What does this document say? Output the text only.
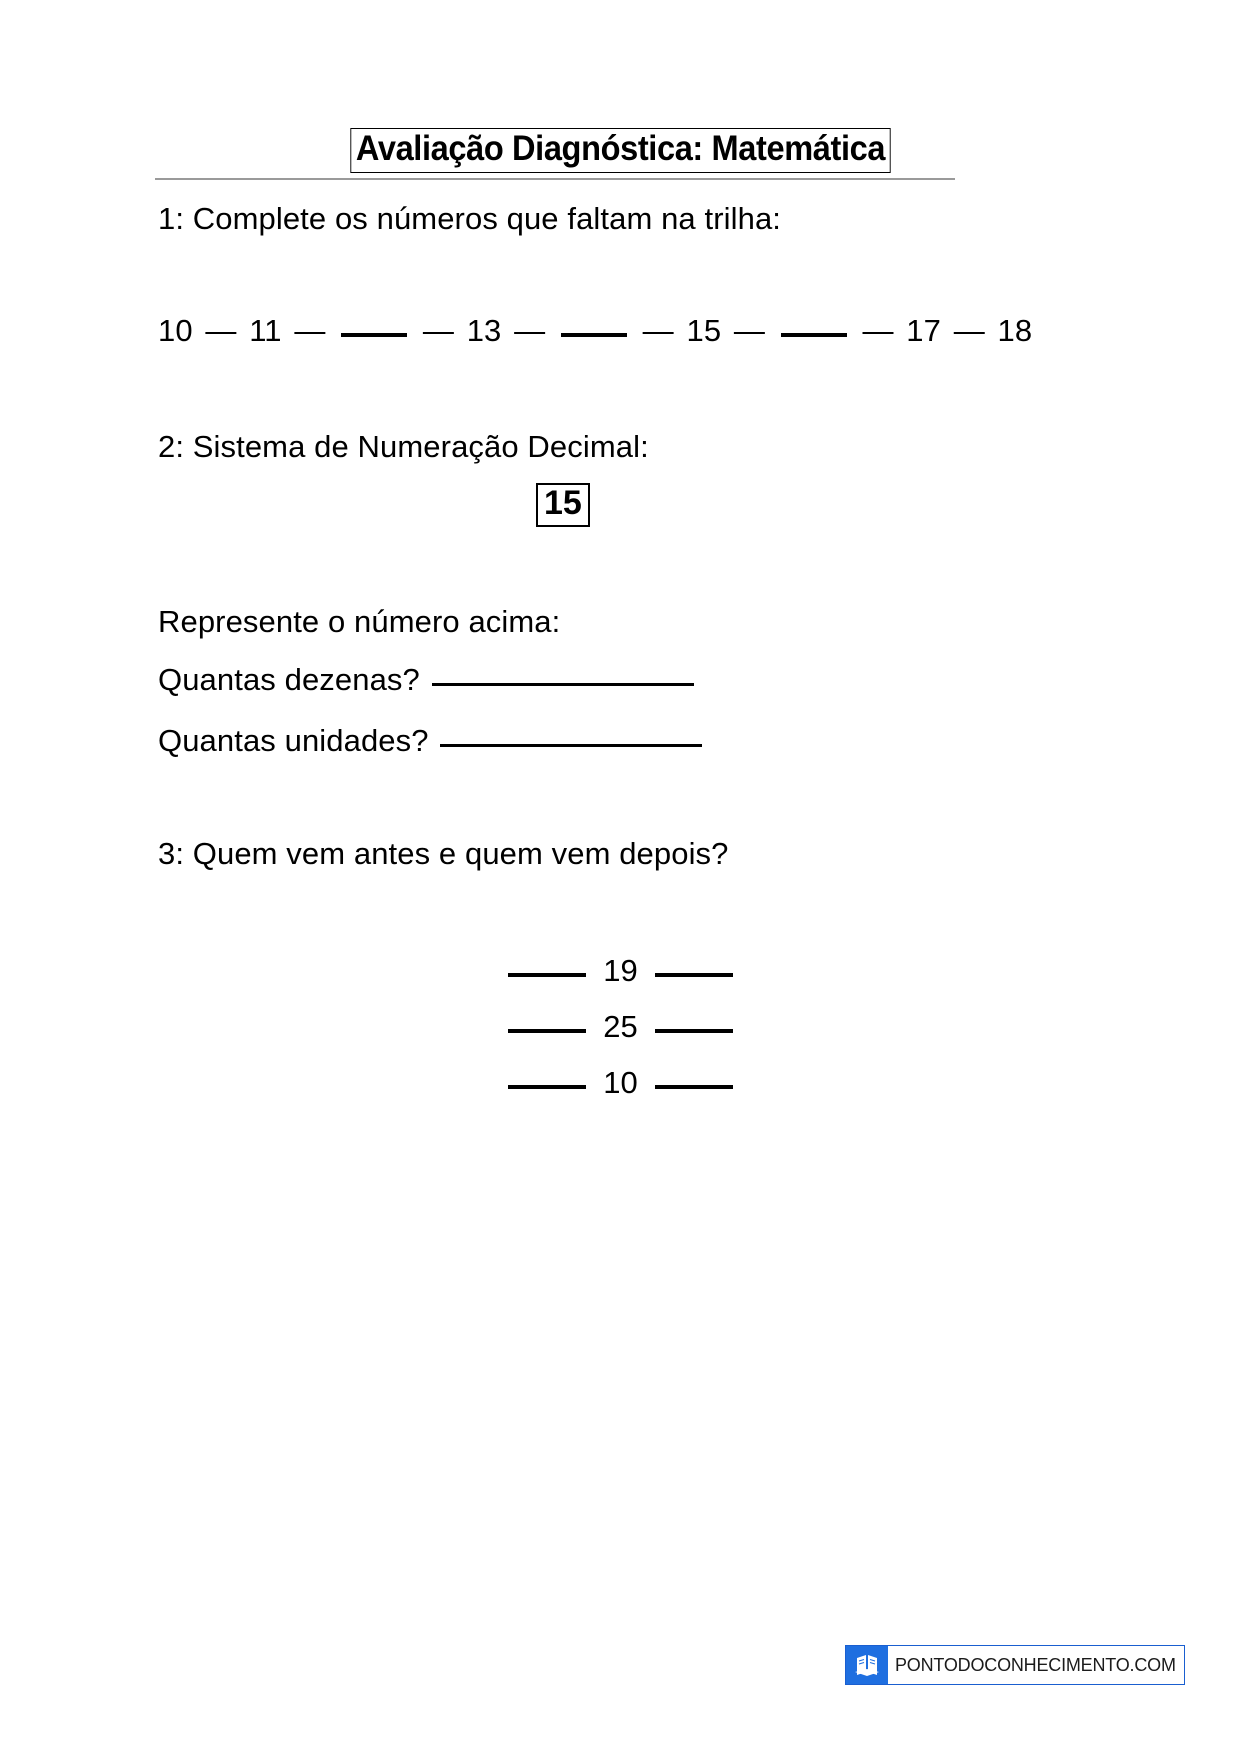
Avaliação Diagnóstica: Matemática
1: Complete os números que faltam na trilha:
10 — 11 —	— 13 —	— 15 —	— 17 — 18
2: Sistema de Numeração Decimal:
15
Represente o número acima:
Quantas dezenas?
Quantas unidades?
3: Quem vem antes e quem vem depois?
19
25
10
PONTODOCONHECIMENTO.COM
